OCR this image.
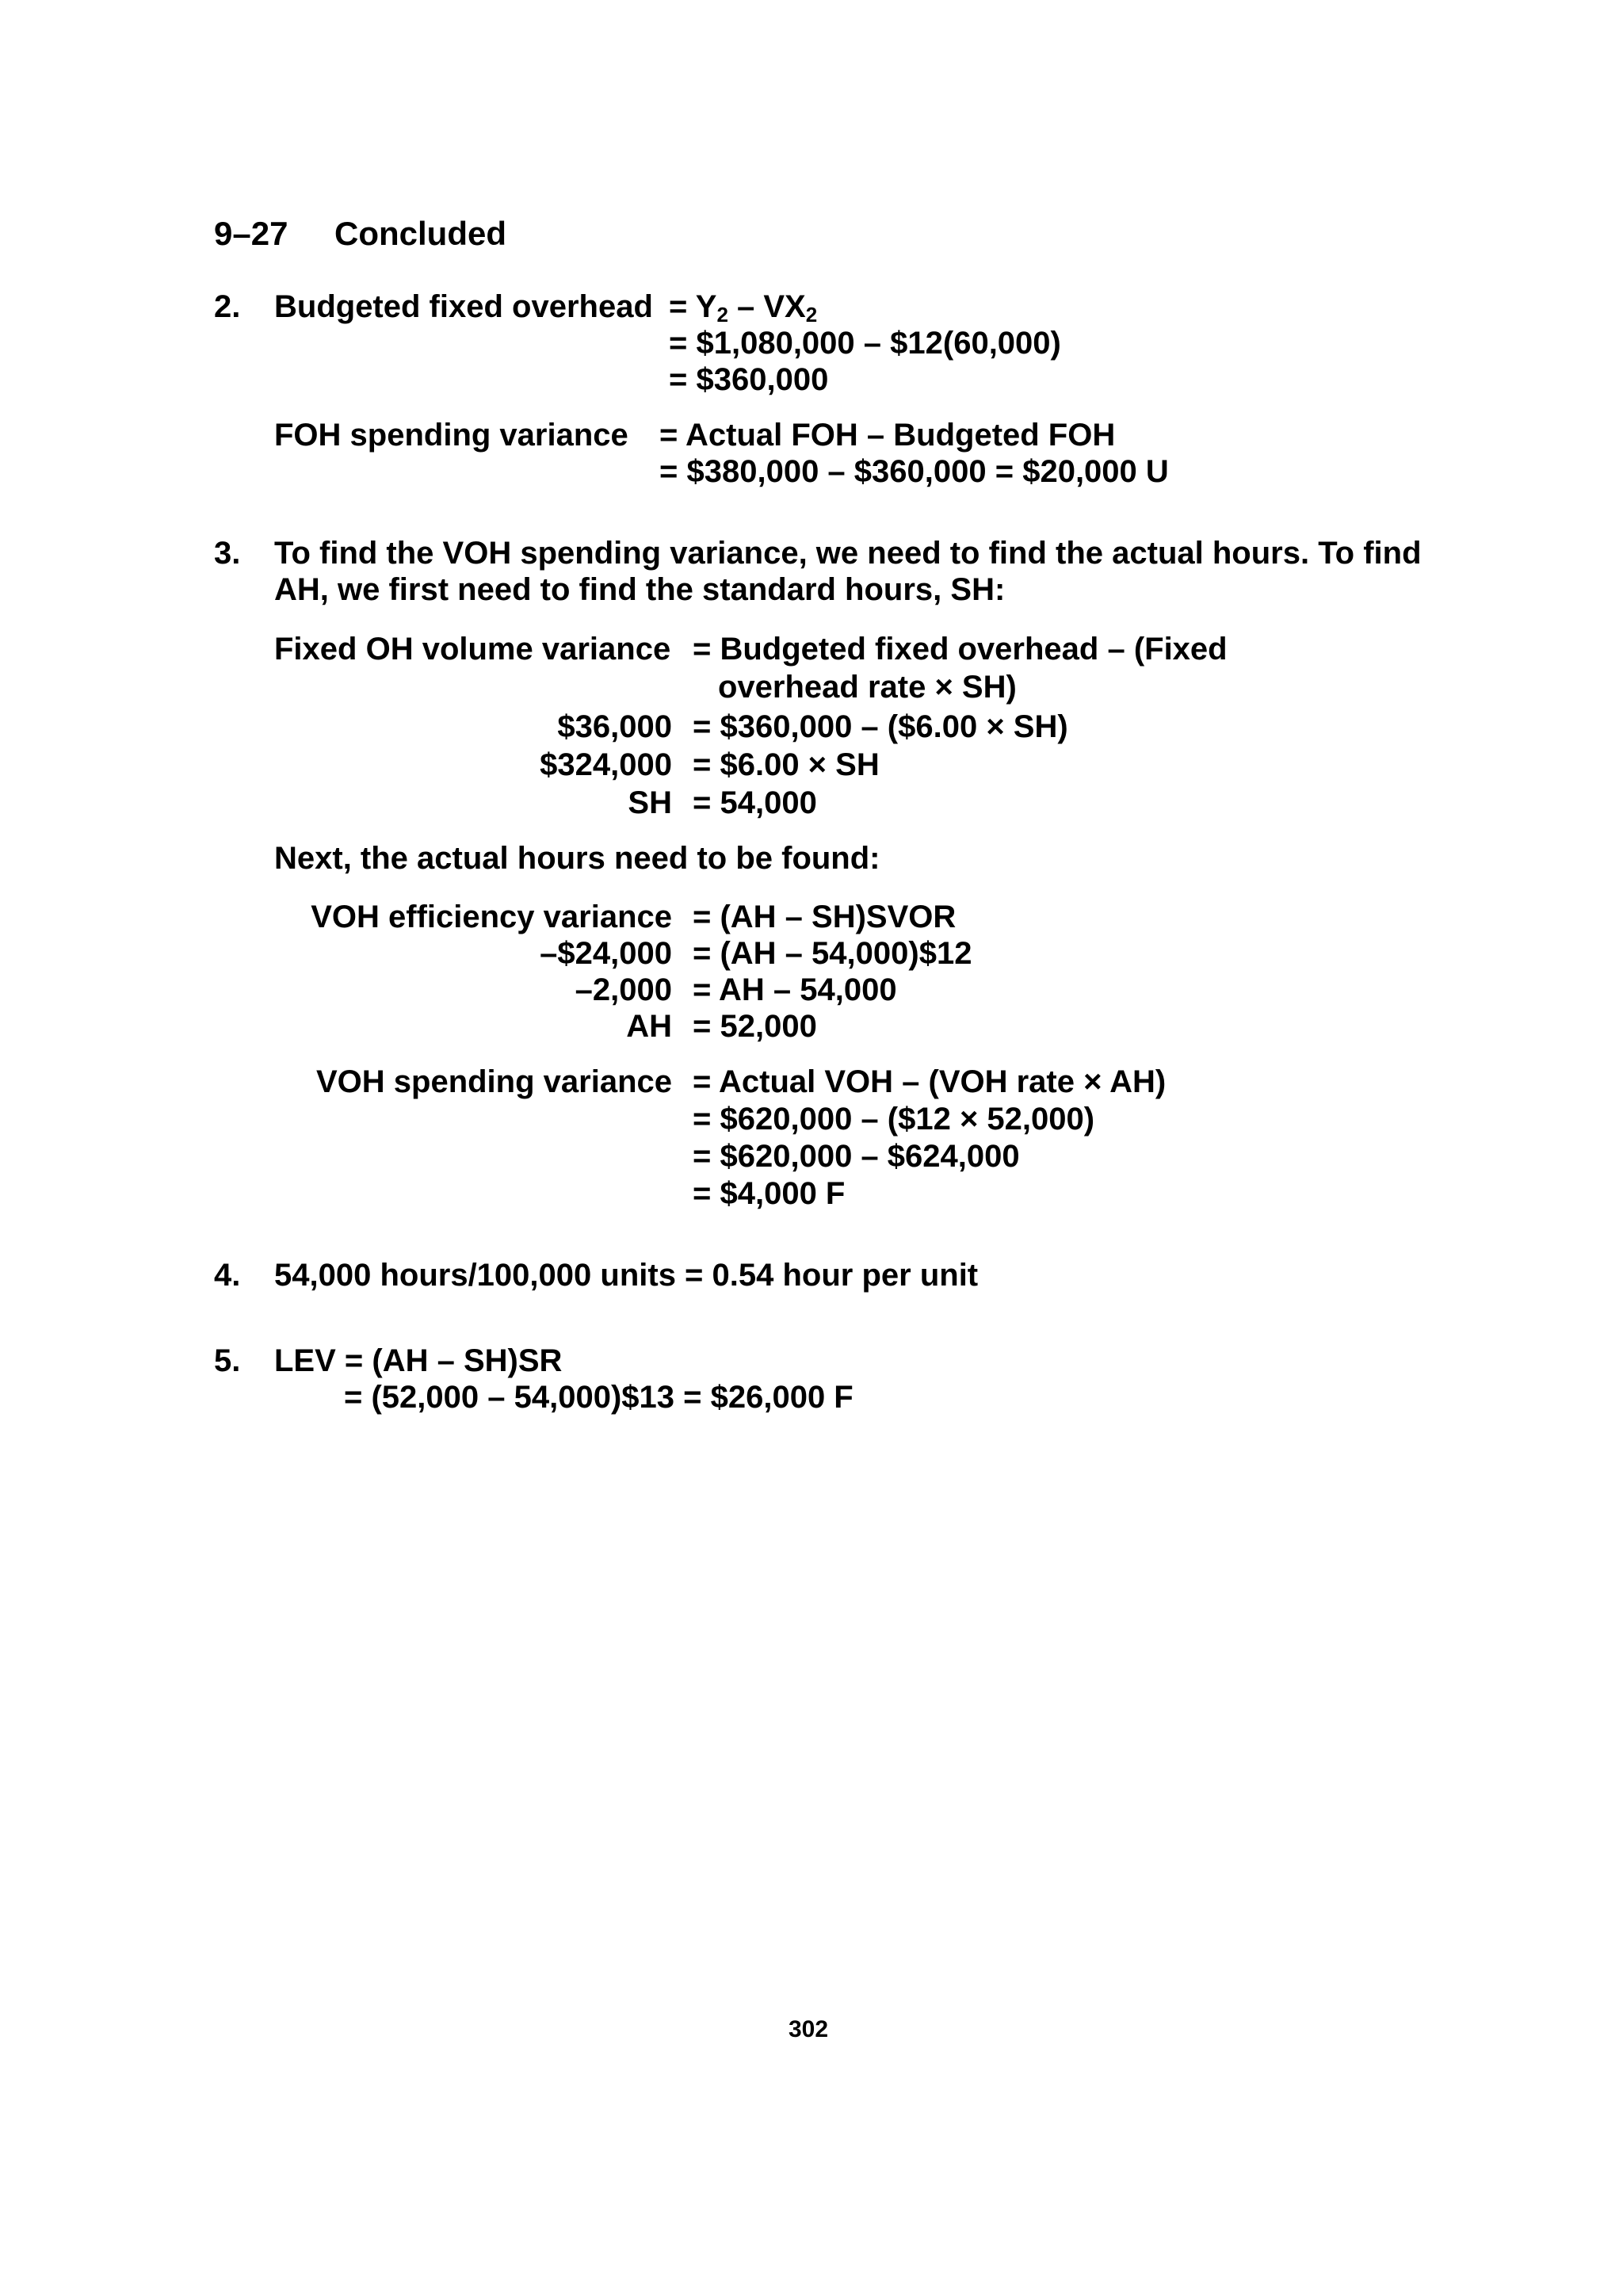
9–27 Concluded
2. Budgeted fixed overhead = $Y_2 - VX_2$
= $1,080,000 – $12(60,000)
= $360,000
FOH spending variance = Actual FOH – Budgeted FOH
= $380,000 – $360,000 = $20,000 U
3. To find the VOH spending variance, we need to find the actual hours. To find
AH, we first need to find the standard hours, SH:
Fixed OH volume variance = Budgeted fixed overhead – (Fixed
overhead rate × SH)
$36,000 = $360,000 – ($6.00 × SH)
$324,000 = $6.00 × SH
SH = 54,000
Next, the actual hours need to be found:
VOH efficiency variance = (AH – SH)SVOR
–$24,000 = (AH – 54,000)$12
–2,000 = AH – 54,000
AH = 52,000
VOH spending variance = Actual VOH – (VOH rate × AH)
= $620,000 – ($12 × 52,000)
= $620,000 – $624,000
= $4,000 F
4. 54,000 hours/100,000 units = 0.54 hour per unit
5. LEV = (AH – SH)SR
= (52,000 – 54,000)$13 = $26,000 F
302
